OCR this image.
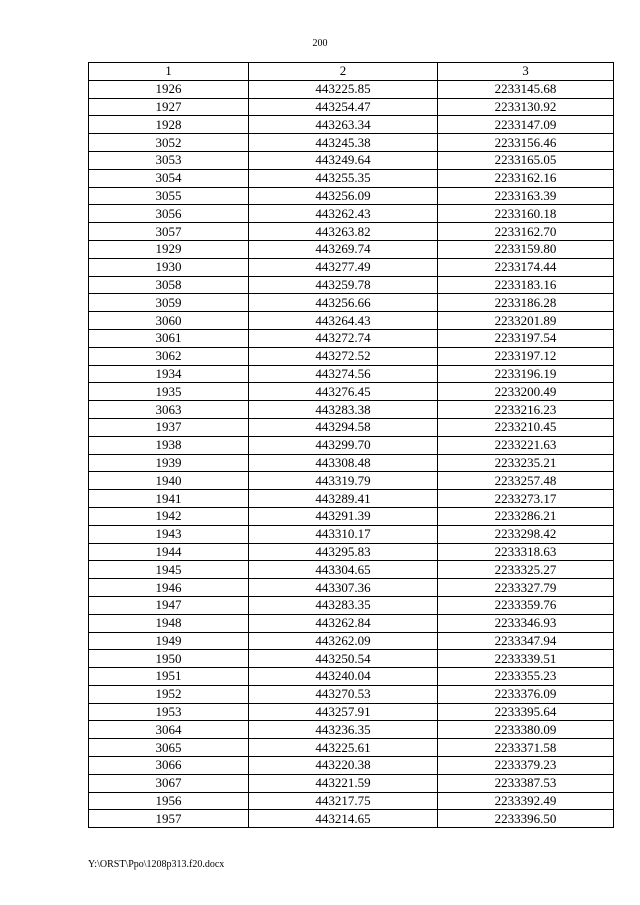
200
1	2	3
1926	443225.85	2233145.68
1927	443254.47	2233130.92
1928	443263.34	2233147.09
3052	443245.38	2233156.46
3053	443249.64	2233165.05
3054	443255.35	2233162.16
3055	443256.09	2233163.39
3056	443262.43	2233160.18
3057	443263.82	2233162.70
1929	443269.74	2233159.80
1930	443277.49	2233174.44
3058	443259.78	2233183.16
3059	443256.66	2233186.28
3060	443264.43	2233201.89
3061	443272.74	2233197.54
3062	443272.52	2233197.12
1934	443274.56	2233196.19
1935	443276.45	2233200.49
3063	443283.38	2233216.23
1937	443294.58	2233210.45
1938	443299.70	2233221.63
1939	443308.48	2233235.21
1940	443319.79	2233257.48
1941	443289.41	2233273.17
1942	443291.39	2233286.21
1943	443310.17	2233298.42
1944	443295.83	2233318.63
1945	443304.65	2233325.27
1946	443307.36	2233327.79
1947	443283.35	2233359.76
1948	443262.84	2233346.93
1949	443262.09	2233347.94
1950	443250.54	2233339.51
1951	443240.04	2233355.23
1952	443270.53	2233376.09
1953	443257.91	2233395.64
3064	443236.35	2233380.09
3065	443225.61	2233371.58
3066	443220.38	2233379.23
3067	443221.59	2233387.53
1956	443217.75	2233392.49
1957	443214.65	2233396.50
Y:\ORST\Ppo\1208p313.f20.docx
